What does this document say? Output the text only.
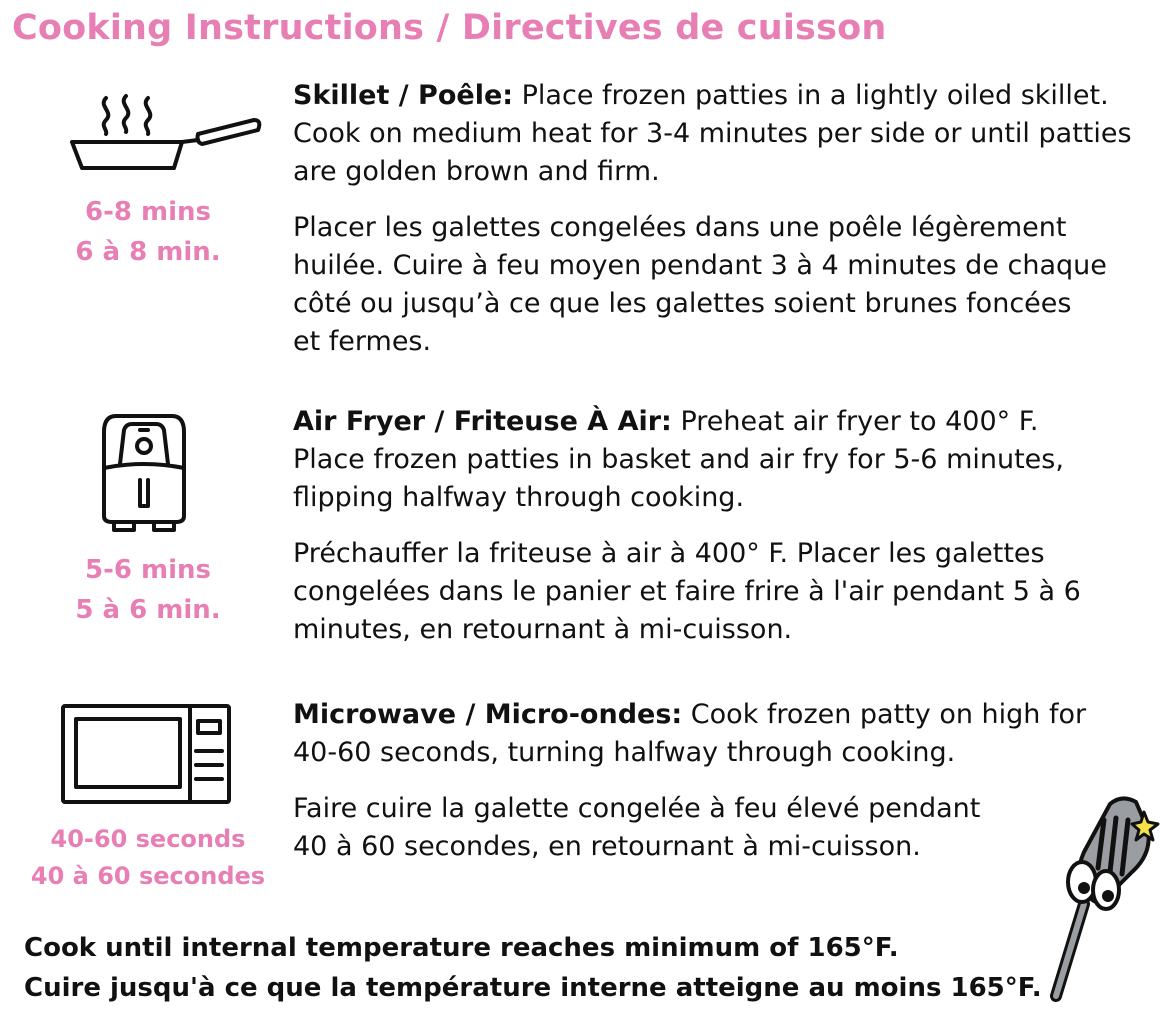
Cooking Instructions / Directives de cuisson
6-8 mins
6 à 8 min.

Skillet / Poêle: Place frozen patties in a lightly oiled skillet.
Cook on medium heat for 3-4 minutes per side or until patties
are golden brown and firm.

Placer les galettes congelées dans une poêle légèrement
huilée. Cuire à feu moyen pendant 3 à 4 minutes de chaque
côté ou jusqu’à ce que les galettes soient brunes foncées
et fermes.

5-6 mins
5 à 6 min.

Air Fryer / Friteuse À Air: Preheat air fryer to 400° F.
Place frozen patties in basket and air fry for 5-6 minutes,
flipping halfway through cooking.

Préchauffer la friteuse à air à 400° F. Placer les galettes
congelées dans le panier et faire frire à l'air pendant 5 à 6
minutes, en retournant à mi-cuisson.

40-60 seconds
40 à 60 secondes

Microwave / Micro-ondes: Cook frozen patty on high for
40-60 seconds, turning halfway through cooking.

Faire cuire la galette congelée à feu élevé pendant
40 à 60 secondes, en retournant à mi-cuisson.

Cook until internal temperature reaches minimum of 165°F.
Cuire jusqu'à ce que la température interne atteigne au moins 165°F.
